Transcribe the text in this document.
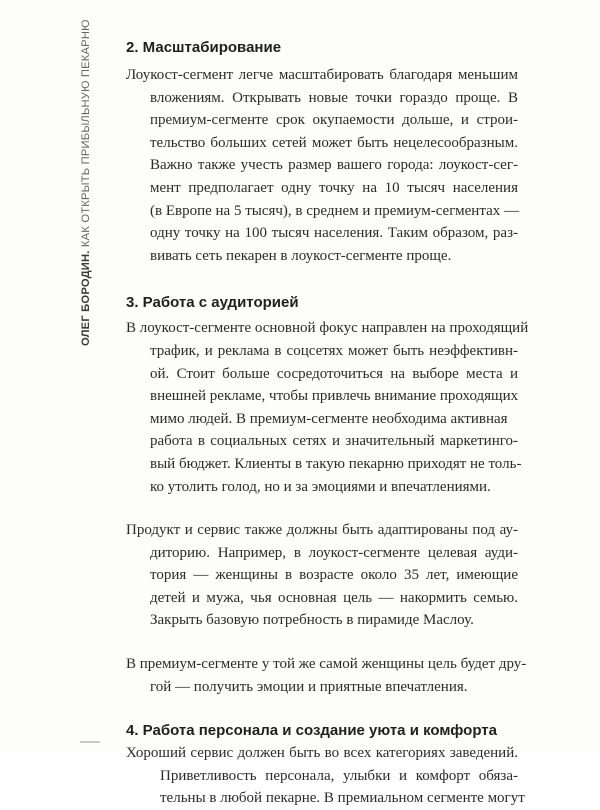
ОЛЕГ БОРОДИН. КАК ОТКРЫТЬ ПРИБЫЛЬНУЮ ПЕКАРНЮ 2. Масштабирование
Лоукост-сегмент легче масштабировать благодаря меньшим
вложениям. Открывать новые точки гораздо проще. В
премиум-сегменте срок окупаемости дольше, и строи-
тельство больших сетей может быть нецелесообразным.
Важно также учесть размер вашего города: лоукост-сег-
мент предполагает одну точку на 10 тысяч населения
(в Европе на 5 тысяч), в среднем и премиум-сегментах —
одну точку на 100 тысяч населения. Таким образом, раз-
вивать сеть пекарен в лоукост-сегменте проще.
3. Работа с аудиторией
В лоукост-сегменте основной фокус направлен на проходящий
трафик, и реклама в соцсетях может быть неэффективн-
ой. Стоит больше сосредоточиться на выборе места и
внешней рекламе, чтобы привлечь внимание проходящих
мимо людей. В премиум-сегменте необходима активная
работа в социальных сетях и значительный маркетинго-
вый бюджет. Клиенты в такую пекарню приходят не толь-
ко утолить голод, но и за эмоциями и впечатлениями.
Продукт и сервис также должны быть адаптированы под ау-
диторию. Например, в лоукост-сегменте целевая ауди-
тория — женщины в возрасте около 35 лет, имеющие
детей и мужа, чья основная цель — накормить семью.
Закрыть базовую потребность в пирамиде Маслоу.
В премиум-сегменте у той же самой женщины цель будет дру-
гой — получить эмоции и приятные впечатления.
4. Работа персонала и создание уюта и комфорта
Хороший сервис должен быть во всех категориях заведений.
Приветливость персонала, улыбки и комфорт обяза-
тельны в любой пекарне. В премиальном сегменте могут
